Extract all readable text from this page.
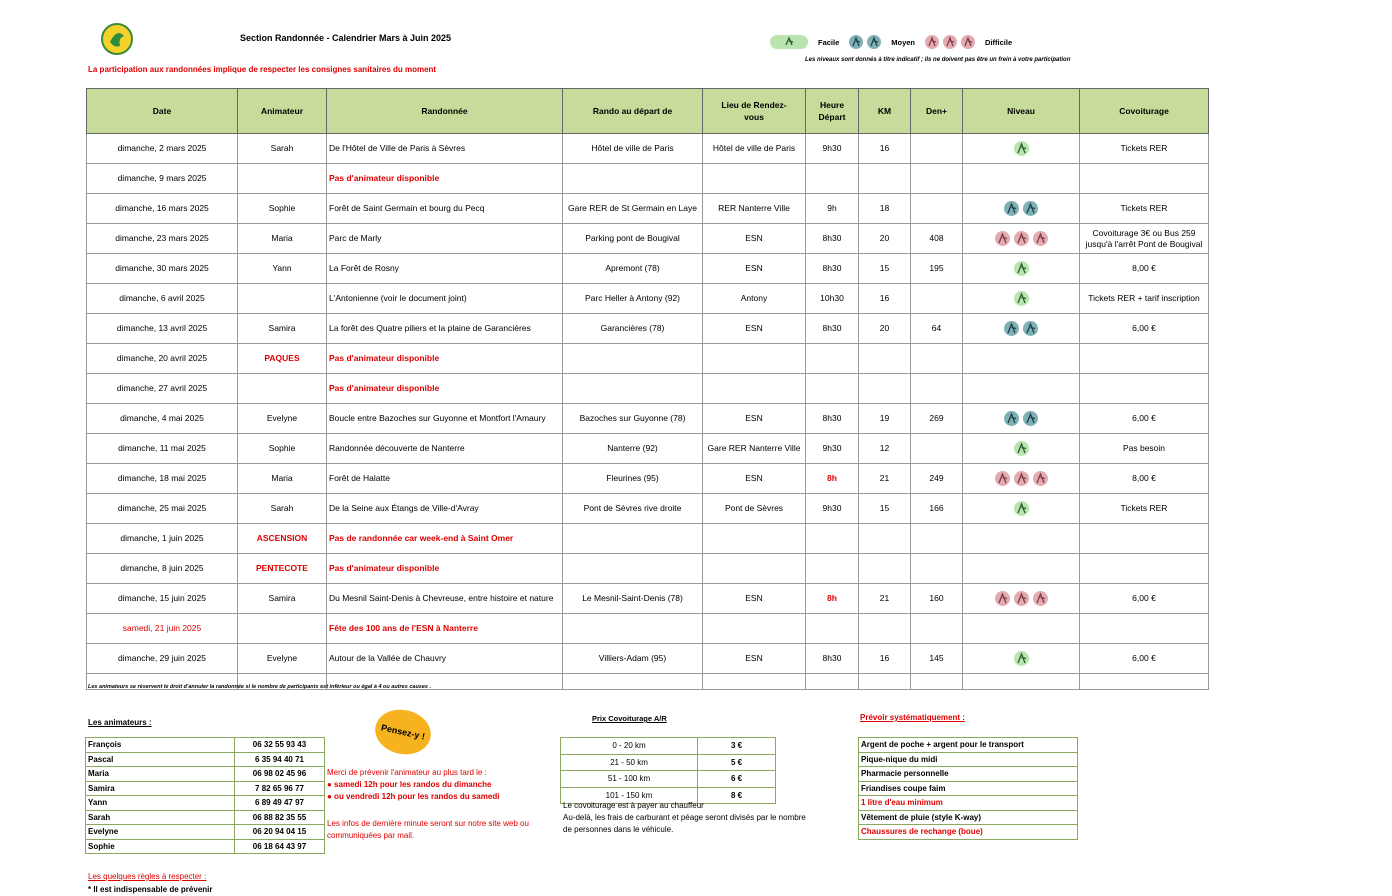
Section Randonnée - Calendrier Mars à Juin 2025
La participation aux randonnées implique de respecter les consignes sanitaires du moment
Facile	Moyen	Difficile
Les niveaux sont donnés à titre indicatif ; ils ne doivent pas être un frein à votre participation
Date	Animateur	Randonnée	Rando au départ de	Lieu de Rendez-vous	Heure Départ	KM	Den+	Niveau	Covoiturage
dimanche, 2 mars 2025	Sarah	De l'Hôtel de Ville de Paris à Sèvres	Hôtel de ville de Paris	Hôtel de ville de Paris	9h30	16			Tickets RER
dimanche, 9 mars 2025		Pas d'animateur disponible							
dimanche, 16 mars 2025	Sophie	Forêt de Saint Germain et bourg du Pecq	Gare RER de St Germain en Laye	RER Nanterre Ville	9h	18			Tickets RER
dimanche, 23 mars 2025	Maria	Parc de Marly	Parking pont de Bougival	ESN	8h30	20	408		Covoiturage 3€ ou Bus 259 jusqu'à l'arrêt Pont de Bougival
dimanche, 30 mars 2025	Yann	La Forêt de Rosny	Apremont (78)	ESN	8h30	15	195		8,00 €
dimanche, 6 avril 2025		L'Antonienne (voir le document joint)	Parc Heller à Antony (92)	Antony	10h30	16			Tickets RER + tarif inscription
dimanche, 13 avril 2025	Samira	La forêt des Quatre piliers et la plaine de Garancières	Garancières (78)	ESN	8h30	20	64		6,00 €
dimanche, 20 avril 2025	PAQUES	Pas d'animateur disponible							
dimanche, 27 avril 2025		Pas d'animateur disponible							
dimanche, 4 mai 2025	Evelyne	Boucle entre Bazoches sur Guyonne et Montfort l'Amaury	Bazoches sur Guyonne (78)	ESN	8h30	19	269		6,00 €
dimanche, 11 mai 2025	Sophie	Randonnée découverte de Nanterre	Nanterre (92)	Gare RER Nanterre Ville	9h30	12			Pas besoin
dimanche, 18 mai 2025	Maria	Forêt de Halatte	Fleurines (95)	ESN	8h	21	249		8,00 €
dimanche, 25 mai 2025	Sarah	De la Seine aux Étangs de Ville-d'Avray	Pont de Sèvres rive droite	Pont de Sèvres	9h30	15	166		Tickets RER
dimanche, 1 juin 2025	ASCENSION	Pas de randonnée car week-end à Saint Omer							
dimanche, 8 juin 2025	PENTECOTE	Pas d'animateur disponible							
dimanche, 15 juin 2025	Samira	Du Mesnil Saint-Denis à Chevreuse, entre histoire et nature	Le Mesnil-Saint-Denis (78)	ESN	8h	21	160		6,00 €
samedi, 21 juin 2025		Fête des 100 ans de l'ESN à Nanterre							
dimanche, 29 juin 2025	Evelyne	Autour de la Vallée de Chauvry	Villiers-Adam (95)	ESN	8h30	16	145		6,00 €

Les animateurs se réservent le droit d'annuler la randonnée si le nombre de participants est inférieur ou égal à 4 ou autres causes .
Les animateurs :
François	06 32 55 93 43
Pascal	6 35 94 40 71
Maria	06 98 02 45 96
Samira	7 82 65 96 77
Yann	6 89 49 47 97
Sarah	06 88 82 35 55
Evelyne	06 20 94 04 15
Sophie	06 18 64 43 97
Pensez-y !
Merci de prévenir l'animateur au plus tard le :
● samedi 12h pour les randos du dimanche
● ou vendredi 12h pour les randos du samedi
Les infos de dernière minute seront sur notre site web ou communiquées par mail.
Prix Covoiturage A/R
0 - 20 km	3 €
21 - 50 km	5 €
51 - 100 km	6 €
101 - 150 km	8 €
Le covoiturage est à payer au chauffeur
Au-delà, les frais de carburant et péage seront divisés par le nombre de personnes dans le véhicule.
Prévoir systématiquement :
Argent de poche + argent pour le transport
Pique-nique du midi
Pharmacie personnelle
Friandises coupe faim
1 litre d'eau minimum
Vêtement de pluie (style K-way)
Chaussures de rechange (boue)
Les quelques règles à respecter :
* Il est indispensable de prévenir
